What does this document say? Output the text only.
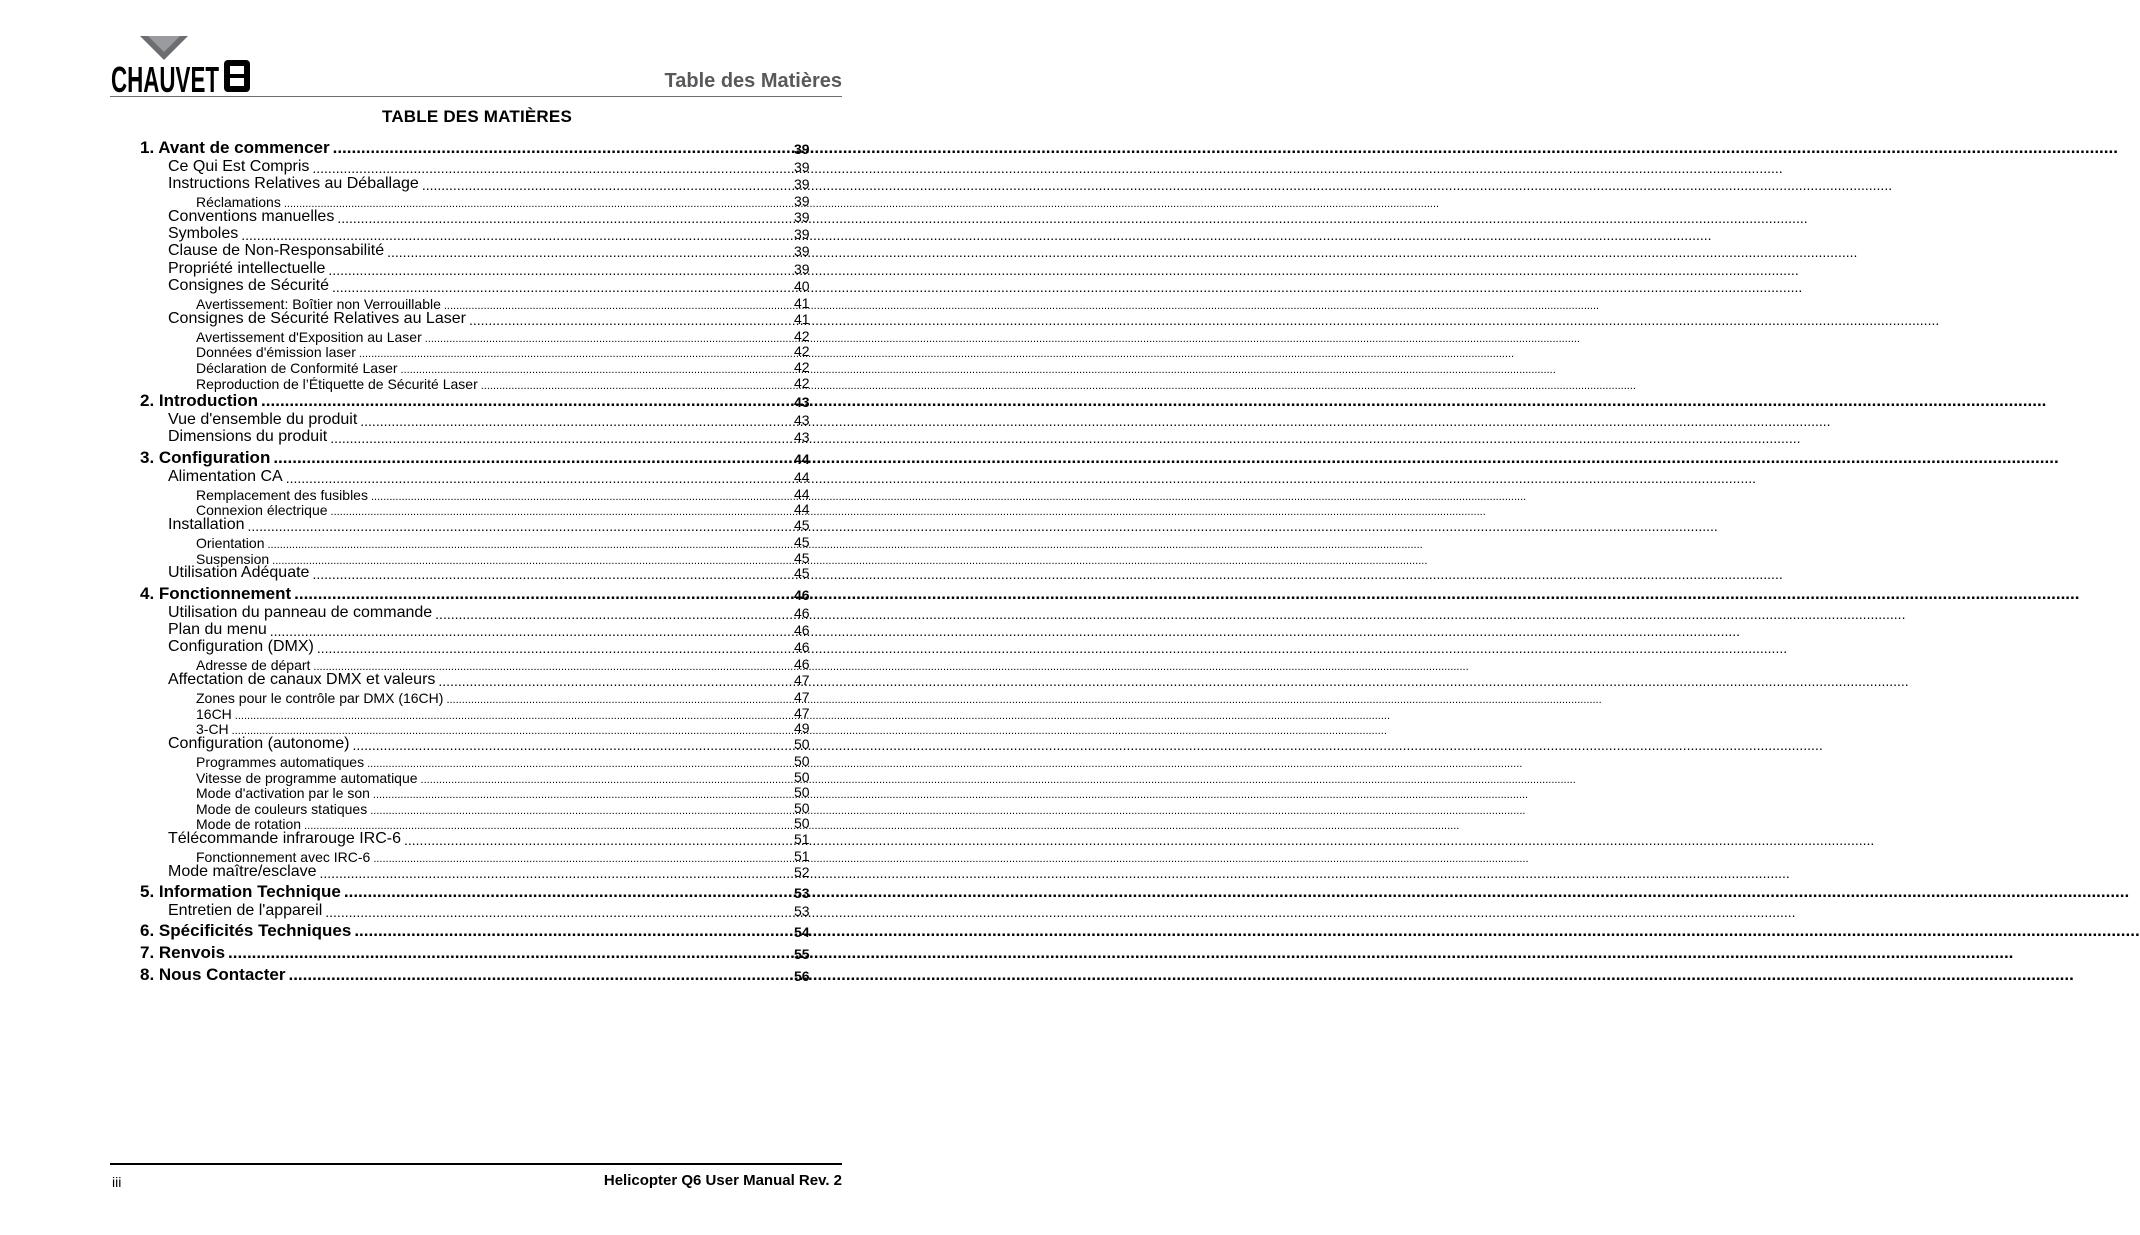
CHAUVET	Table des Matières
TABLE DES MATIÈRES
1. Avant de commencer .....	39
Ce Qui Est Compris .....	39
Instructions Relatives au Déballage .....	39
Réclamations .....	39
Conventions manuelles .....	39
Symboles .....	39
Clause de Non-Responsabilité .....	39
Propriété intellectuelle .....	39
Consignes de Sécurité .....	40
Avertissement: Boîtier non Verrouillable .....	41
Consignes de Sécurité Relatives au Laser .....	41
Avertissement d'Exposition au Laser .....	42
Données d'émission laser .....	42
Déclaration de Conformité Laser .....	42
Reproduction de l’Étiquette de Sécurité Laser .....	42
2. Introduction .....	43
Vue d'ensemble du produit .....	43
Dimensions du produit .....	43
3. Configuration .....	44
Alimentation CA .....	44
Remplacement des fusibles .....	44
Connexion électrique .....	44
Installation .....	45
Orientation .....	45
Suspension .....	45
Utilisation Adéquate .....	45
4. Fonctionnement .....	46
Utilisation du panneau de commande .....	46
Plan du menu .....	46
Configuration (DMX) .....	46
Adresse de départ .....	46
Affectation de canaux DMX et valeurs .....	47
Zones pour le contrôle par DMX (16CH) .....	47
16CH .....	47
3-CH .....	49
Configuration (autonome) .....	50
Programmes automatiques .....	50
Vitesse de programme automatique .....	50
Mode d'activation par le son .....	50
Mode de couleurs statiques .....	50
Mode de rotation .....	50
Télécommande infrarouge IRC-6 .....	51
Fonctionnement avec IRC-6 .....	51
Mode maître/esclave .....	52
5. Information Technique .....	53
Entretien de l'appareil .....	53
6. Spécificités Techniques .....	54
7. Renvois .....	55
8. Nous Contacter .....	56
iii	Helicopter Q6 User Manual Rev. 2
